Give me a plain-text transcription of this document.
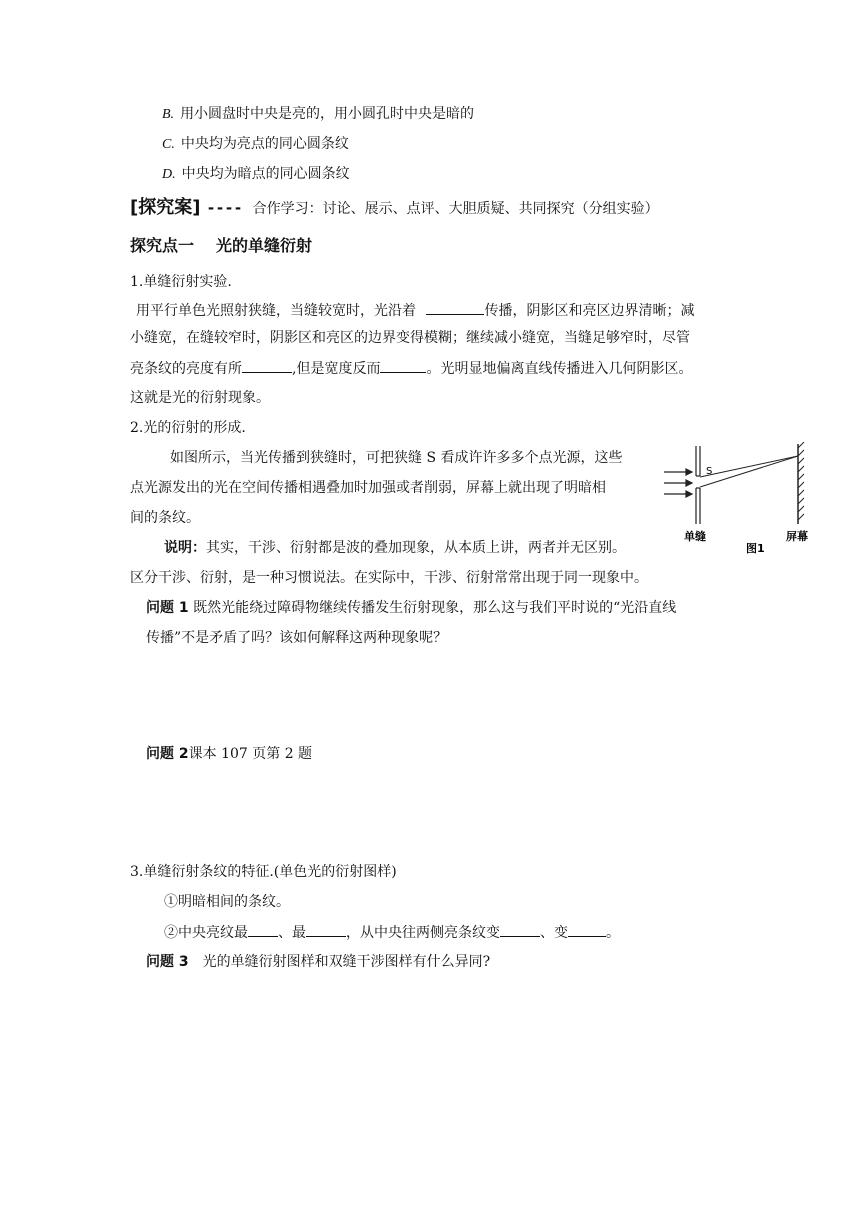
B. 用小圆盘时中央是亮的，用小圆孔时中央是暗的
C. 中央均为亮点的同心圆条纹
D. 中央均为暗点的同心圆条纹
[探究案] ---- 合作学习：讨论、展示、点评、大胆质疑、共同探究（分组实验）
探究点一 光的单缝衍射
1.单缝衍射实验.
用平行单色光照射狭缝，当缝较宽时，光沿着	传播，阴影区和亮区边界清晰；减
小缝宽，在缝较窄时，阴影区和亮区的边界变得模糊；继续减小缝宽，当缝足够窄时，尽管
亮条纹的亮度有所	,但是宽度反而	。光明显地偏离直线传播进入几何阴影区。
这就是光的衍射现象。
2.光的衍射的形成.
如图所示，当光传播到狭缝时，可把狭缝 S 看成许许多多个点光源，这些
点光源发出的光在空间传播相遇叠加时加强或者削弱，屏幕上就出现了明暗相
间的条纹。
说明：其实，干涉、衍射都是波的叠加现象，从本质上讲，两者并无区别。
区分干涉、衍射，是一种习惯说法。在实际中，干涉、衍射常常出现于同一现象中。
S
单缝	屏幕
图1
问题 1 既然光能绕过障碍物继续传播发生衍射现象，那么这与我们平时说的“光沿直线
传播”不是矛盾了吗？该如何解释这两种现象呢？
问题 2课本 107 页第 2 题
3.单缝衍射条纹的特征.(单色光的衍射图样)
①明暗相间的条纹。
②中央亮纹最 、最	，从中央往两侧亮条纹变	、变	。
问题 3 光的单缝衍射图样和双缝干涉图样有什么异同?
